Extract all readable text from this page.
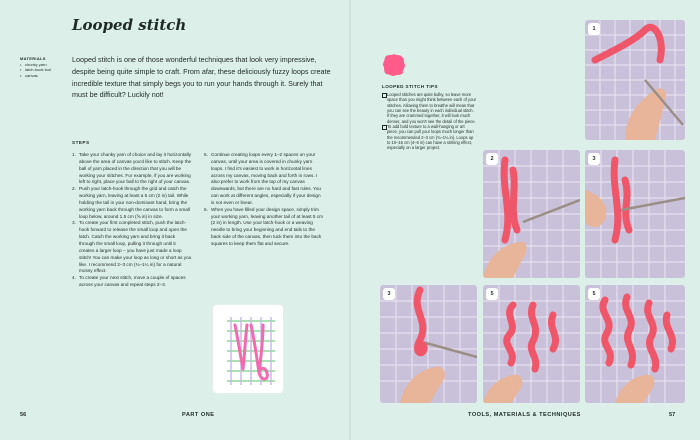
Looped stitch
MATERIALS
• chunky yarn
• latch-hook tool
• canvas

Looped stitch is one of those wonderful techniques that look very impressive, despite being quite simple to craft. From afar, these deliciously fuzzy loops create incredible texture that simply begs you to run your hands through it. Surely that must be difficult? Luckily not!

STEPS
1. Take your chunky yarn of choice and lay it horizontally above the area of canvas you'd like to stitch. Keep the ball of yarn placed in the direction that you will be working your stitches. For example, if you are working left to right, place your ball to the right of your canvas.
2. Push your latch-hook through the grid and catch the working yarn, leaving at least a 5 cm (2 in) tail. While holding the tail in your non-dominant hand, bring the working yarn back through the canvas to form a small loop below, around 1.5 cm (⅝ in) in size.
3. To create your first completed stitch, push the latch-hook forward to release the small loop and open the latch. Catch the working yarn and bring it back through the small loop, pulling it through until it creates a larger loop – you have just made a loop stitch! You can make your loop as long or short as you like. I recommend 2–3 cm (¾–1¼ in) for a natural mossy effect.
4. To create your next stitch, move a couple of spaces across your canvas and repeat steps 2–3.
5. Continue creating loops every 1–2 spaces on your canvas, until your area is covered in chunky yarn loops. I find it's easiest to work in horizontal lines across my canvas, moving back and forth in rows. I also prefer to work from the top of my canvas downwards, but there are no hard and fast rules. You can work at different angles, especially if your design is not even or linear.
6. When you have filled your design space, simply trim your working yarn, leaving another tail of at least 5 cm (2 in) in length. Use your latch-hook or a weaving needle to bring your beginning and end tails to the back side of the canvas, then tuck them into the back squares to keep them flat and secure.
56	PART ONE
LOOPED STITCH TIPS
Looped stitches are quite bulky, so leave more space than you might think between each of your stitches. Allowing them to breathe will mean that you can see the beauty in each individual stitch. If they are crammed together, it will look much denser, and you won't see the detail of the piece.
To add bold texture to a wall-hanging or art piece, you can pull your loops much longer than the recommended 2–3 cm (¾–1¼ in). Loops up to 10–15 cm (4–6 in) can have a striking effect, especially on a larger project.
1
2	3
3	5	5
TOOLS, MATERIALS & TECHNIQUES	57
